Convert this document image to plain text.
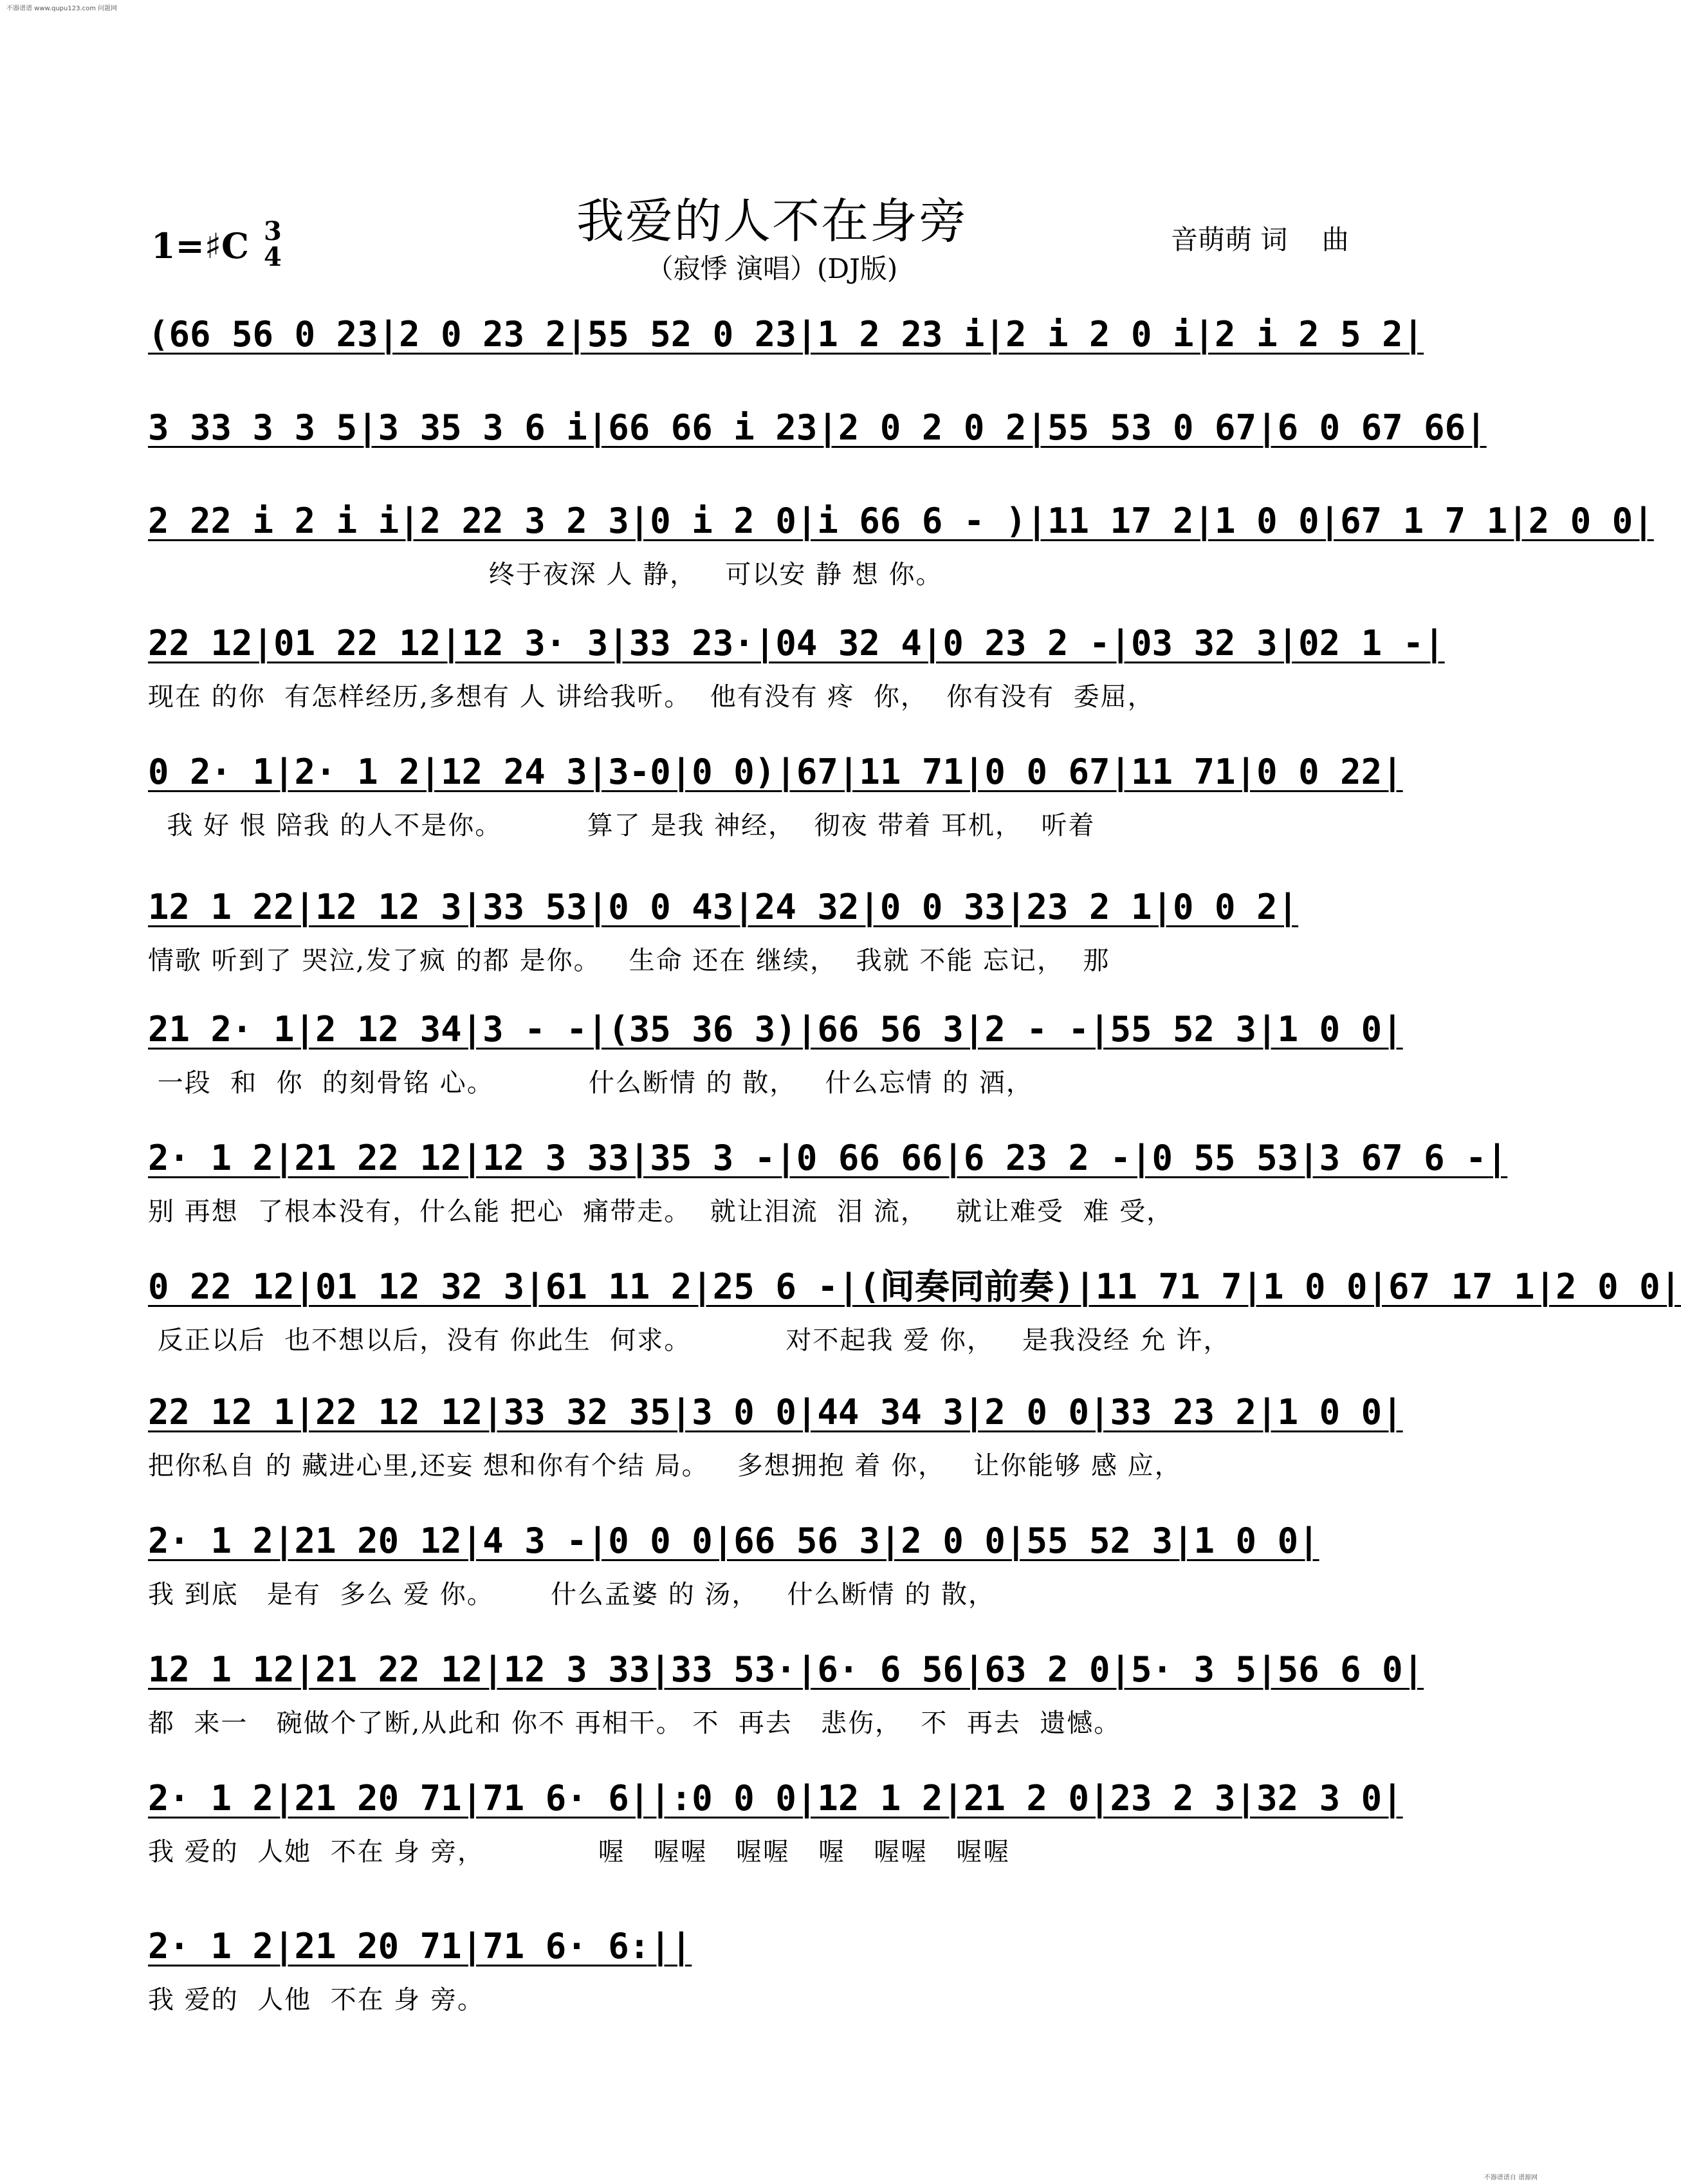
不器谱谱 www.qupu123.com 问题网
不器谱谱自 谱源网
我爱的人不在身旁
（寂悸 演唱）(DJ版)
1=♯C 3
4
音萌萌 词    曲
(66 56 0 23|2 0 23 2|55 52 0 23|1 2 23 i|2 i 2 0 i|2 i 2 5 2|
3 33 3 3 5|3 35 3 6 i|66 66 i 23|2 0 2 0 2|55 53 0 67|6 0 67 66|
2 22 i 2 i i|2 22 3 2 3|0 i 2 0|i 66 6 - )|11 17 2|1 0 0|67 1 7 1|2 0 0|
终于夜深 人 静，   可以安 静 想 你。
22 12|01 22 12|12 3· 3|33 23·|04 32 4|0 23 2 -|03 32 3|02 1 -|
现在 的你  有怎样经历,多想有 人 讲给我听。  他有没有 疼  你，  你有没有  委屈，
0 2· 1|2· 1 2|12 24 3|3-0|0 0)|67|11 71|0 0 67|11 71|0 0 22|
我 好 恨 陪我 的人不是你。         算了 是我 神经，  彻夜 带着 耳机，  听着
12 1 22|12 12 3|33 53|0 0 43|24 32|0 0 33|23 2 1|0 0 2|
情歌 听到了 哭泣,发了疯 的都 是你。   生命 还在 继续，  我就 不能 忘记，  那
21 2· 1|2 12 34|3 - -|(35 36 3)|66 56 3|2 - -|55 52 3|1 0 0|
一段  和  你  的刻骨铭 心。          什么断情 的 散，   什么忘情 的 酒，
2· 1 2|21 22 12|12 3 33|35 3 -|0 66 66|6 23 2 -|0 55 53|3 67 6 -|
别 再想  了根本没有，什么能 把心  痛带走。  就让泪流  泪 流，   就让难受  难 受，
0 22 12|01 12 32 3|61 11 2|25 6 -|(间奏同前奏)|11 71 7|1 0 0|67 17 1|2 0 0|
反正以后  也不想以后，没有 你此生  何求。          对不起我 爱 你，   是我没经 允 许，
22 12 1|22 12 12|33 32 35|3 0 0|44 34 3|2 0 0|33 23 2|1 0 0|
把你私自 的 藏进心里,还妄 想和你有个结 局。   多想拥抱 着 你，   让你能够 感 应，
2· 1 2|21 20 12|4 3 -|0 0 0|66 56 3|2 0 0|55 52 3|1 0 0|
我 到底   是有  多么 爱 你。      什么孟婆 的 汤，   什么断情 的 散，
12 1 12|21 22 12|12 3 33|33 53·|6· 6 56|63 2 0|5· 3 5|56 6 0|
都  来一   碗做个了断,从此和 你不 再相干。 不  再去   悲伤，  不  再去  遗憾。
2· 1 2|21 20 71|71 6· 6||:0 0 0|12 1 2|21 2 0|23 2 3|32 3 0|
我 爱的  人她  不在 身 旁，            喔   喔喔   喔喔   喔   喔喔   喔喔
2· 1 2|21 20 71|71 6· 6:||
我 爱的  人他  不在 身 旁。
